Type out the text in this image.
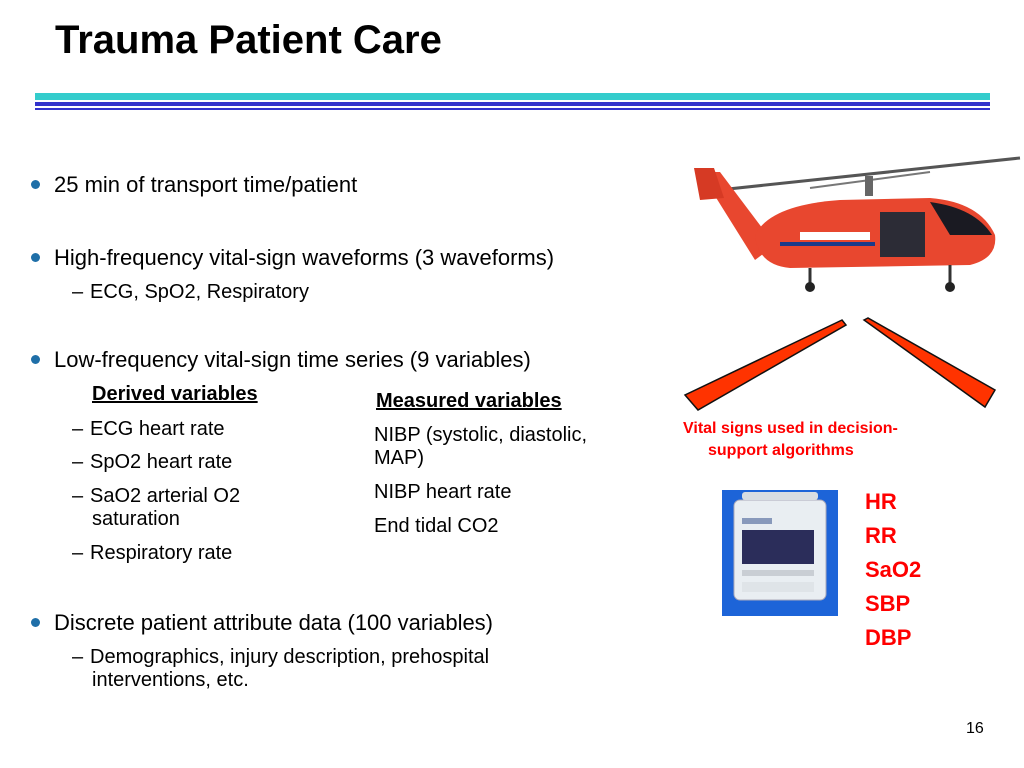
Trauma Patient Care
25 min of transport time/patient
High-frequency vital-sign waveforms (3 waveforms)
– ECG, SpO2, Respiratory
Low-frequency vital-sign time series (9 variables)
Derived variables
– ECG heart rate
– SpO2 heart rate
– SaO2 arterial O2
saturation
– Respiratory rate
Measured variables
NIBP (systolic, diastolic,
MAP)
NIBP heart rate
End tidal CO2
Discrete patient attribute data (100 variables)
– Demographics, injury description, prehospital
interventions, etc.
Vital signs used in decision-
support algorithms
HR
RR
SaO2
SBP
DBP
16
